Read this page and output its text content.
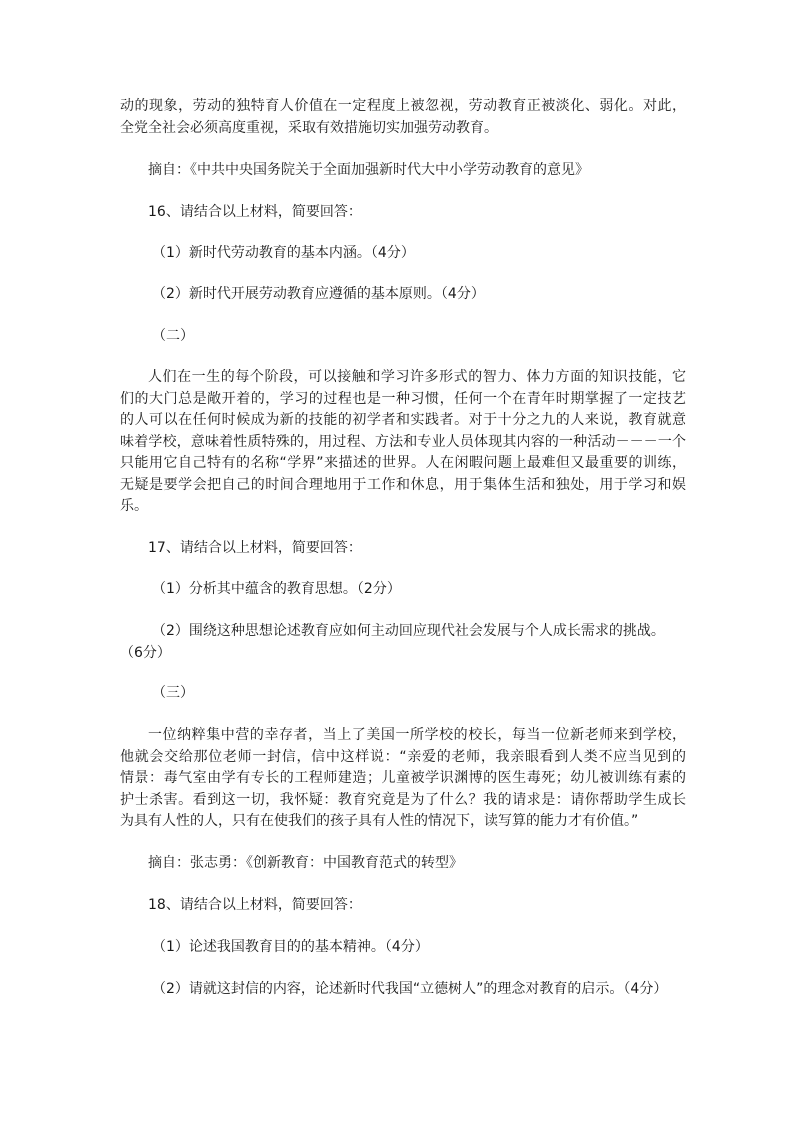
动的现象，劳动的独特育人价值在一定程度上被忽视，劳动教育正被淡化、弱化。对此，
全党全社会必须高度重视，采取有效措施切实加强劳动教育。
摘自：《中共中央国务院关于全面加强新时代大中小学劳动教育的意见》
16、请结合以上材料，简要回答：
（1）新时代劳动教育的基本内涵。（4分）
（2）新时代开展劳动教育应遵循的基本原则。（4分）
（二）
人们在一生的每个阶段，可以接触和学习许多形式的智力、体力方面的知识技能，它
们的大门总是敞开着的，学习的过程也是一种习惯，任何一个在青年时期掌握了一定技艺
的人可以在任何时候成为新的技能的初学者和实践者。对于十分之九的人来说，教育就意
味着学校，意味着性质特殊的，用过程、方法和专业人员体现其内容的一种活动－－－一个
只能用它自己特有的名称“学界”来描述的世界。人在闲暇问题上最难但又最重要的训练，
无疑是要学会把自己的时间合理地用于工作和休息，用于集体生活和独处，用于学习和娱
乐。
17、请结合以上材料，简要回答：
（1）分析其中蕴含的教育思想。（2分）
（2）围绕这种思想论述教育应如何主动回应现代社会发展与个人成长需求的挑战。
（6分）
（三）
一位纳粹集中营的幸存者，当上了美国一所学校的校长，每当一位新老师来到学校，
他就会交给那位老师一封信，信中这样说：“亲爱的老师，我亲眼看到人类不应当见到的
情景：毒气室由学有专长的工程师建造；儿童被学识渊博的医生毒死；幼儿被训练有素的
护士杀害。看到这一切，我怀疑：教育究竟是为了什么？我的请求是：请你帮助学生成长
为具有人性的人，只有在使我们的孩子具有人性的情况下，读写算的能力才有价值。”
摘自：张志勇：《创新教育：中国教育范式的转型》
18、请结合以上材料，简要回答：
（1）论述我国教育目的的基本精神。（4分）
（2）请就这封信的内容，论述新时代我国“立德树人”的理念对教育的启示。（4分）
